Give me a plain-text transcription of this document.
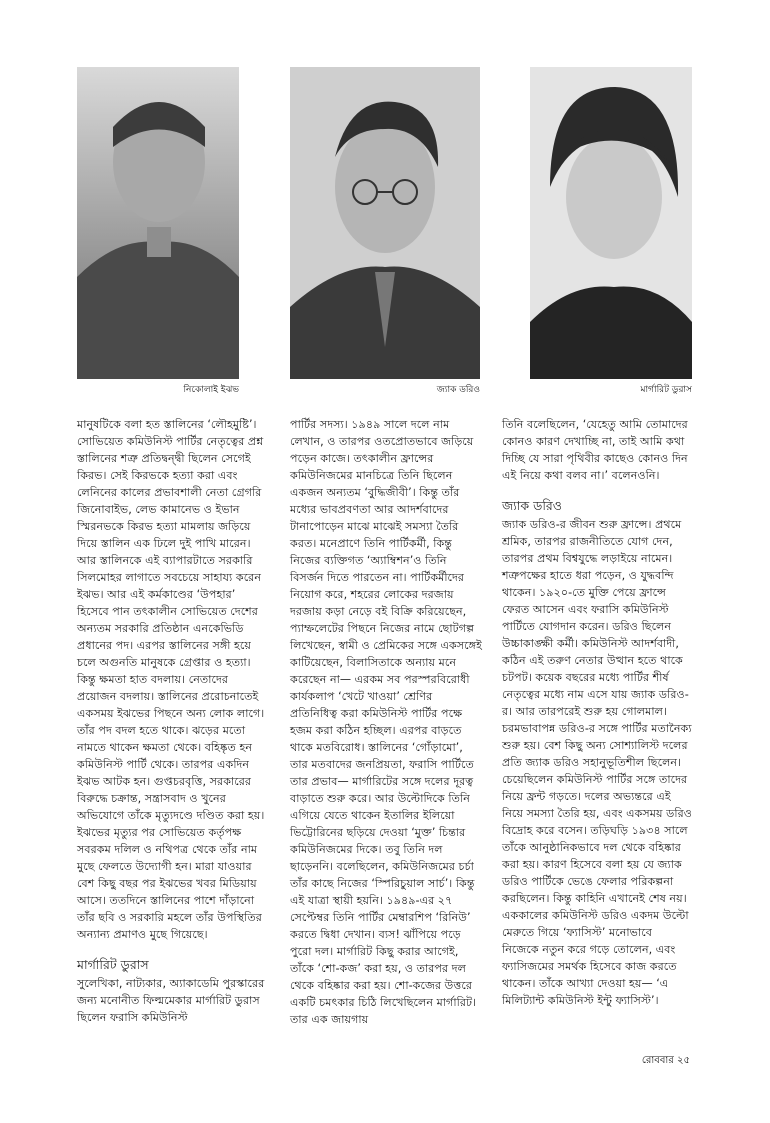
নিকোলাই ইঝভ	জ্যাক ডরিও	মার্গারিট ডুরাস

মানুষটিকে বলা হত স্তালিনের ‘লৌহমুষ্টি’। সোভিয়েত কমিউনিস্ট পার্টির নেতৃত্বের প্রশ্ন স্তালিনের শত্রু প্রতিদ্বন্দ্বী ছিলেন সেগেই কিরভ। সেই কিরভকে হত্যা করা এবং লেনিনের কালের প্রভাবশালী নেতা গ্রেগরি জিনোবাইভ, লেভ কামানেভ ও ইভান স্মিরনভকে কিরভ হত্যা মামলায় জড়িয়ে দিয়ে স্তালিন এক ঢিলে দুই পাখি মারেন। আর স্তালিনকে এই ব্যাপারটাতে সরকারি সিলমোহর লাগাতে সবচেয়ে সাহায্য করেন ইঝভ। আর এই কর্মকাণ্ডের ‘উপহার’ হিসেবে পান তৎকালীন সোভিয়েত দেশের অন্যতম সরকারি প্রতিষ্ঠান এনকেভিডি প্রধানের পদ। এরপর স্তালিনের সঙ্গী হয়ে চলে অগুনতি মানুষকে গ্রেপ্তার ও হত্যা। কিন্তু ক্ষমতা হাত বদলায়। নেতাদের প্রয়োজন বদলায়। স্তালিনের প্ররোচনাতেই একসময় ইঝভের পিছনে অন্য লোক লাগে। তাঁর পদ বদল হতে থাকে। ঝড়ের মতো নামতে থাকেন ক্ষমতা থেকে। বহিষ্কৃত হন কমিউনিস্ট পার্টি থেকে। তারপর একদিন ইঝভ আটক হন। গুপ্তচরবৃত্তি, সরকারের বিরুদ্ধে চক্রান্ত, সন্ত্রাসবাদ ও খুনের অভিযোগে তাঁকে মৃত্যুদণ্ডে দণ্ডিত করা হয়। ইঝভের মৃত্যুর পর সোভিয়েত কর্তৃপক্ষ সবরকম দলিল ও নথিপত্র থেকে তাঁর নাম মুছে ফেলতে উদ্যোগী হন। মারা যাওয়ার বেশ কিছু বছর পর ইঝভের খবর মিডিয়ায় আসে। ততদিনে স্তালিনের পাশে দাঁড়ানো তাঁর ছবি ও সরকারি মহলে তাঁর উপস্থিতির অন্যান্য প্রমাণও মুছে গিয়েছে।

মার্গারিট ডুরাস

সুলেখিকা, নাট্যকার, অ্যাকাডেমি পুরস্কারের জন্য মনোনীত ফিল্মমেকার মার্গারিট ডুরাস ছিলেন ফরাসি কমিউনিস্ট

পার্টির সদস্য। ১৯৪৯ সালে দলে নাম লেখান, ও তারপর ওতপ্রোতভাবে জড়িয়ে পড়েন কাজে। তৎকালীন ফ্রান্সের কমিউনিজমের মানচিত্রে তিনি ছিলেন একজন অন্যতম ‘বুদ্ধিজীবী’। কিন্তু তাঁর মধ্যের ভাবপ্রবণতা আর আদর্শবাদের টানাপোড়েন মাঝে মাঝেই সমস্যা তৈরি করত। মনেপ্রাণে তিনি পার্টিকর্মী, কিন্তু নিজের ব্যক্তিগত ‘অ্যাম্বিশন’ও তিনি বিসর্জন দিতে পারতেন না। পার্টিকর্মীদের নিয়োগ করে, শহরের লোকের দরজায় দরজায় কড়া নেড়ে বই বিক্রি করিয়েছেন, প্যাম্ফলেটের পিছনে নিজের নামে ছোটগল্প লিখেছেন, স্বামী ও প্রেমিকের সঙ্গে একসঙ্গেই কাটিয়েছেন, বিলাসিতাকে অন্যায় মনে করেছেন না— এরকম সব পরস্পরবিরোধী কার্যকলাপ ‘খেটে খাওয়া’ শ্রেণির প্রতিনিধিত্ব করা কমিউনিস্ট পার্টির পক্ষে হজম করা কঠিন হচ্ছিল। এরপর বাড়তে থাকে মতবিরোধ। স্তালিনের ‘গোঁড়ামো’, তার মতবাদের জনপ্রিয়তা, ফরাসি পার্টিতে তার প্রভাব— মার্গারিটের সঙ্গে দলের দূরত্ব বাড়াতে শুরু করে। আর উল্টোদিকে তিনি এগিয়ে যেতে থাকেন ইতালির ইলিয়ো ভিট্টোরিনের ছড়িয়ে দেওয়া ‘মুক্ত’ চিন্তার কমিউনিজমের দিকে। তবু তিনি দল ছাড়েননি। বলেছিলেন, কমিউনিজমের চর্চা তাঁর কাছে নিজের ‘স্পিরিচুয়াল সার্চ’। কিন্তু এই যাত্রা স্থায়ী হয়নি। ১৯৪৯-এর ২৭ সেপ্টেম্বর তিনি পার্টির মেম্বারশিপ ‘রিনিউ’ করতে দ্বিধা দেখান। ব্যস! ঝাঁপিয়ে পড়ে পুরো দল। মার্গারিট কিছু করার আগেই, তাঁকে ‘শো-কজ’ করা হয়, ও তারপর দল থেকে বহিষ্কার করা হয়। শো-কজের উত্তরে একটি চমৎকার চিঠি লিখেছিলেন মার্গারিট। তার এক জায়গায়

তিনি বলেছিলেন, ‘যেহেতু আমি তোমাদের কোনও কারণ দেখাচ্ছি না, তাই আমি কথা দিচ্ছি যে সারা পৃথিবীর কাছেও কোনও দিন এই নিয়ে কথা বলব না।’ বলেনওনি।

জ্যাক ডরিও

জ্যাক ডরিও-র জীবন শুরু ফ্রান্সে। প্রথমে শ্রমিক, তারপর রাজনীতিতে যোগ দেন, তারপর প্রথম বিশ্বযুদ্ধে লড়াইয়ে নামেন। শত্রুপক্ষের হাতে ধরা পড়েন, ও যুদ্ধবন্দি থাকেন। ১৯২০-তে মুক্তি পেয়ে ফ্রান্সে ফেরত আসেন এবং ফরাসি কমিউনিস্ট পার্টিতে যোগদান করেন। ডরিও ছিলেন উচ্চাকাঙ্ক্ষী কর্মী। কমিউনিস্ট আদর্শবাদী, কঠিন এই তরুণ নেতার উত্থান হতে থাকে চটপট। কয়েক বছরের মধ্যে পার্টির শীর্ষ নেতৃত্বের মধ্যে নাম এসে যায় জ্যাক ডরিও-র। আর তারপরেই শুরু হয় গোলমাল। চরমভাবাপন্ন ডরিও-র সঙ্গে পার্টির মতানৈক্য শুরু হয়। বেশ কিছু অন্য সোশ্যালিস্ট দলের প্রতি জ্যাক ডরিও সহানুভূতিশীল ছিলেন। চেয়েছিলেন কমিউনিস্ট পার্টির সঙ্গে তাদের নিয়ে ফ্রন্ট গড়তে। দলের অভ্যন্তরে এই নিয়ে সমস্যা তৈরি হয়, এবং একসময় ডরিও বিদ্রোহ করে বসেন। তড়িঘড়ি ১৯৩৪ সালে তাঁকে আনুষ্ঠানিকভাবে দল থেকে বহিষ্কার করা হয়। কারণ হিসেবে বলা হয় যে জ্যাক ডরিও পার্টিকে ভেঙে ফেলার পরিকল্পনা করছিলেন। কিন্তু কাহিনি এখানেই শেষ নয়। এককালের কমিউনিস্ট ডরিও একদম উল্টো মেরুতে গিয়ে ‘ফ্যাসিস্ট’ মনোভাবে নিজেকে নতুন করে গড়ে তোলেন, এবং ফ্যাসিজমের সমর্থক হিসেবে কাজ করতে থাকেন। তাঁকে আখ্যা দেওয়া হয়— ‘এ মিলিট্যান্ট কমিউনিস্ট ইন্টু ফ্যাসিস্ট’।

রোববার ২৫
